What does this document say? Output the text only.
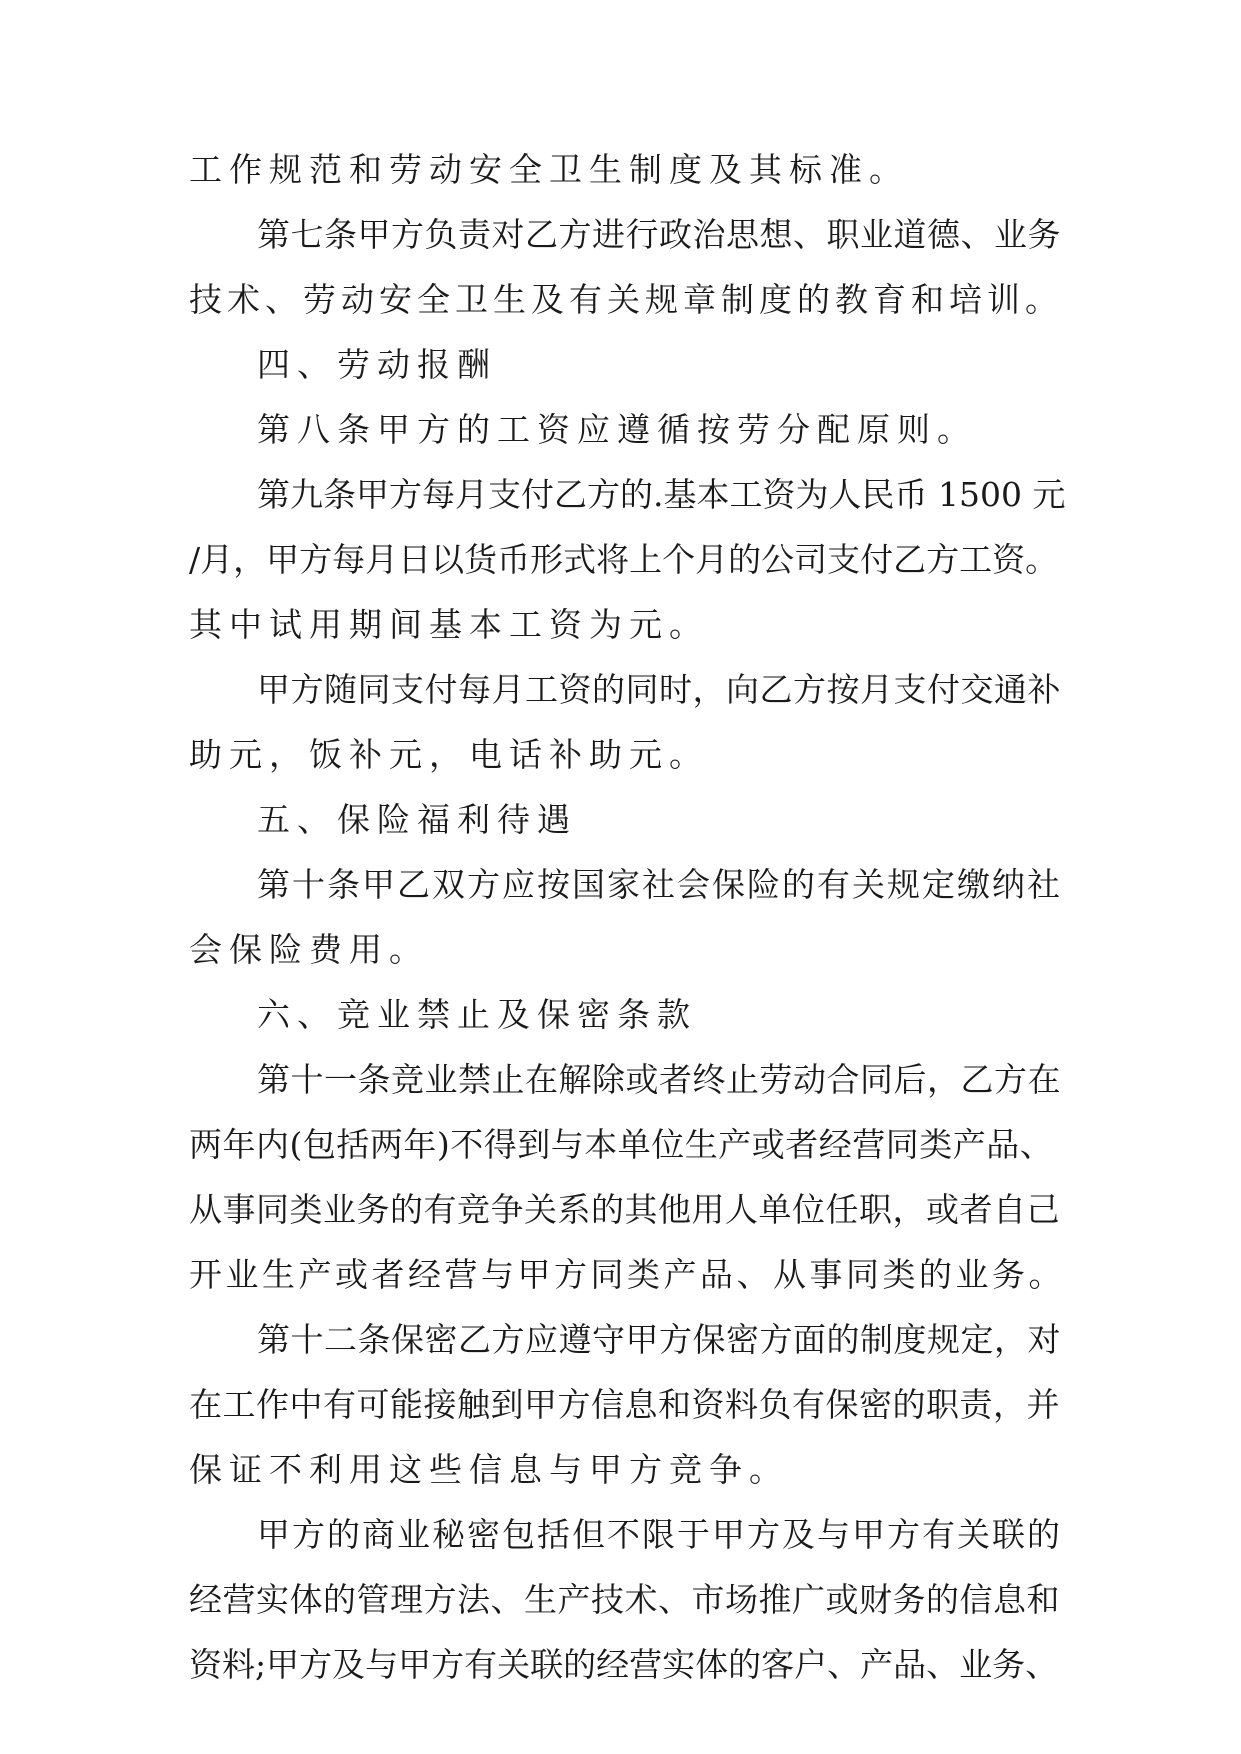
工作规范和劳动安全卫生制度及其标准。
第七条甲方负责对乙方进行政治思想、职业道德、业务
技术、劳动安全卫生及有关规章制度的教育和培训。
四、劳动报酬
第八条甲方的工资应遵循按劳分配原则。
第九条甲方每月支付乙方的.基本工资为人民币 1500 元
/月，甲方每月日以货币形式将上个月的公司支付乙方工资。
其中试用期间基本工资为元。
甲方随同支付每月工资的同时，向乙方按月支付交通补
助元，饭补元，电话补助元。
五、保险福利待遇
第十条甲乙双方应按国家社会保险的有关规定缴纳社
会保险费用。
六、竞业禁止及保密条款
第十一条竞业禁止在解除或者终止劳动合同后，乙方在
两年内(包括两年)不得到与本单位生产或者经营同类产品、
从事同类业务的有竞争关系的其他用人单位任职，或者自己
开业生产或者经营与甲方同类产品、从事同类的业务。
第十二条保密乙方应遵守甲方保密方面的制度规定，对
在工作中有可能接触到甲方信息和资料负有保密的职责，并
保证不利用这些信息与甲方竞争。
甲方的商业秘密包括但不限于甲方及与甲方有关联的
经营实体的管理方法、生产技术、市场推广或财务的信息和
资料;甲方及与甲方有关联的经营实体的客户、产品、业务、
